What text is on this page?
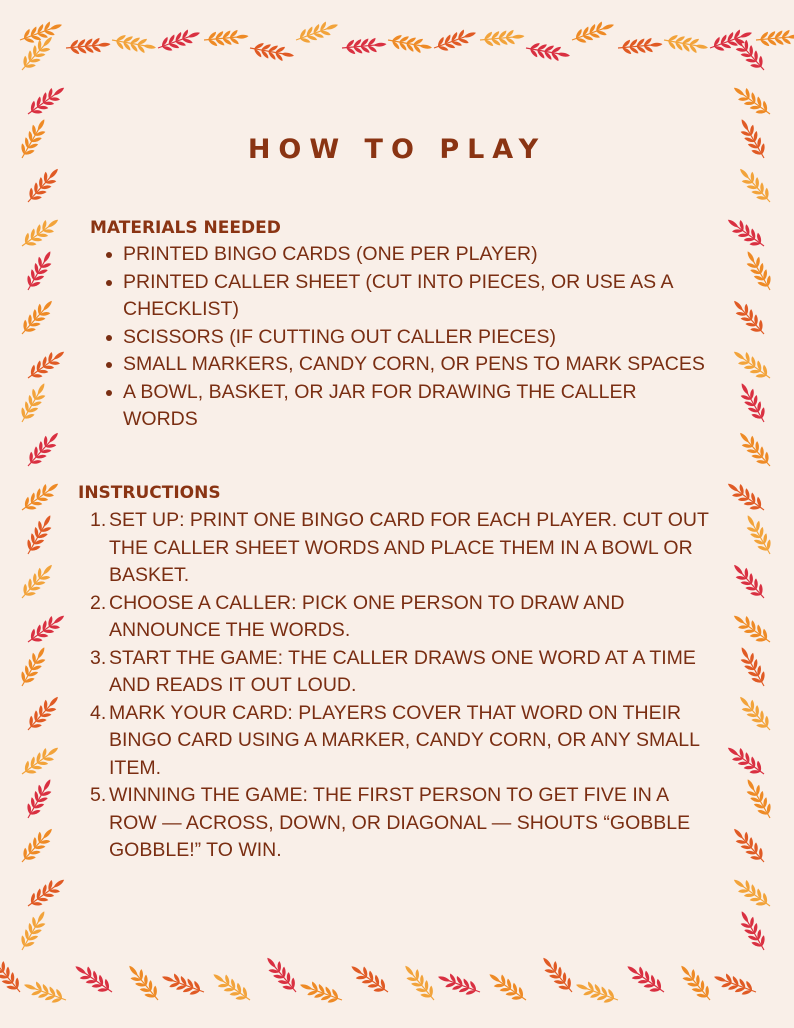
HOW TO PLAY
MATERIALS NEEDED
PRINTED BINGO CARDS (ONE PER PLAYER)
PRINTED CALLER SHEET (CUT INTO PIECES, OR USE AS A CHECKLIST)
SCISSORS (IF CUTTING OUT CALLER PIECES)
SMALL MARKERS, CANDY CORN, OR PENS TO MARK SPACES
A BOWL, BASKET, OR JAR FOR DRAWING THE CALLER WORDS
INSTRUCTIONS
1. SET UP: PRINT ONE BINGO CARD FOR EACH PLAYER. CUT OUT THE CALLER SHEET WORDS AND PLACE THEM IN A BOWL OR BASKET.
2. CHOOSE A CALLER: PICK ONE PERSON TO DRAW AND ANNOUNCE THE WORDS.
3. START THE GAME: THE CALLER DRAWS ONE WORD AT A TIME AND READS IT OUT LOUD.
4. MARK YOUR CARD: PLAYERS COVER THAT WORD ON THEIR BINGO CARD USING A MARKER, CANDY CORN, OR ANY SMALL ITEM.
5. WINNING THE GAME: THE FIRST PERSON TO GET FIVE IN A ROW — ACROSS, DOWN, OR DIAGONAL — SHOUTS “GOBBLE GOBBLE!” TO WIN.
